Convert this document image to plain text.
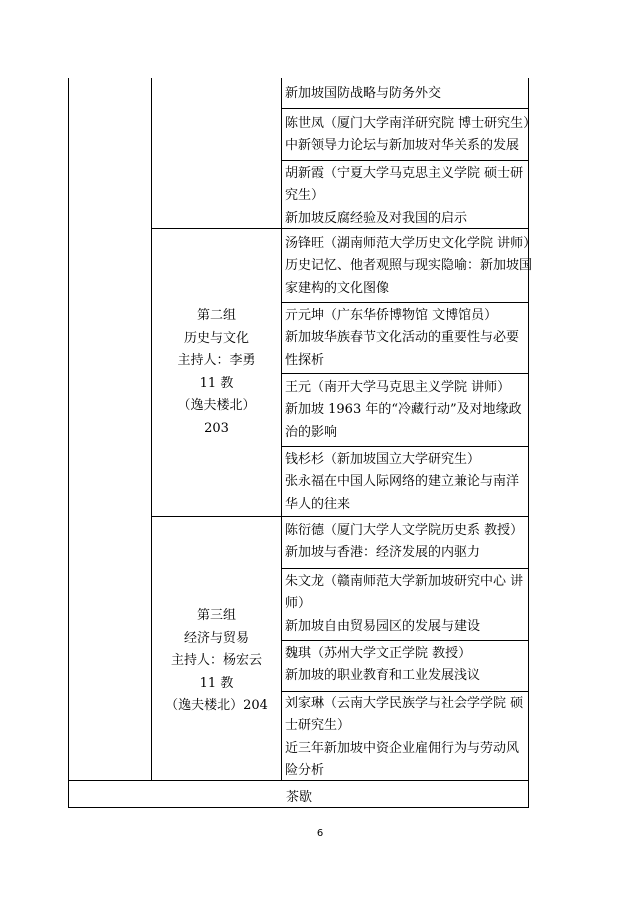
新加坡国防战略与防务外交
陈世凤（厦门大学南洋研究院 博士研究生）
中新领导力论坛与新加坡对华关系的发展
胡新霞（宁夏大学马克思主义学院 硕士研
究生）
新加坡反腐经验及对我国的启示
第二组
历史与文化
主持人：李勇
11 教
（逸夫楼北）
203
汤锋旺（湖南师范大学历史文化学院 讲师）
历史记忆、他者观照与现实隐喻：新加坡国
家建构的文化图像
亓元坤（广东华侨博物馆 文博馆员）
新加坡华族春节文化活动的重要性与必要
性探析
王元（南开大学马克思主义学院 讲师）
新加坡 1963 年的“冷藏行动”及对地缘政
治的影响
钱杉杉（新加坡国立大学研究生）
张永福在中国人际网络的建立兼论与南洋
华人的往来
第三组
经济与贸易
主持人：杨宏云
11 教
（逸夫楼北）204
陈衍德（厦门大学人文学院历史系 教授）
新加坡与香港：经济发展的内驱力
朱文龙（赣南师范大学新加坡研究中心 讲
师）
新加坡自由贸易园区的发展与建设
魏琪（苏州大学文正学院 教授）
新加坡的职业教育和工业发展浅议
刘家琳（云南大学民族学与社会学学院 硕
士研究生）
近三年新加坡中资企业雇佣行为与劳动风
险分析
茶歇
6
